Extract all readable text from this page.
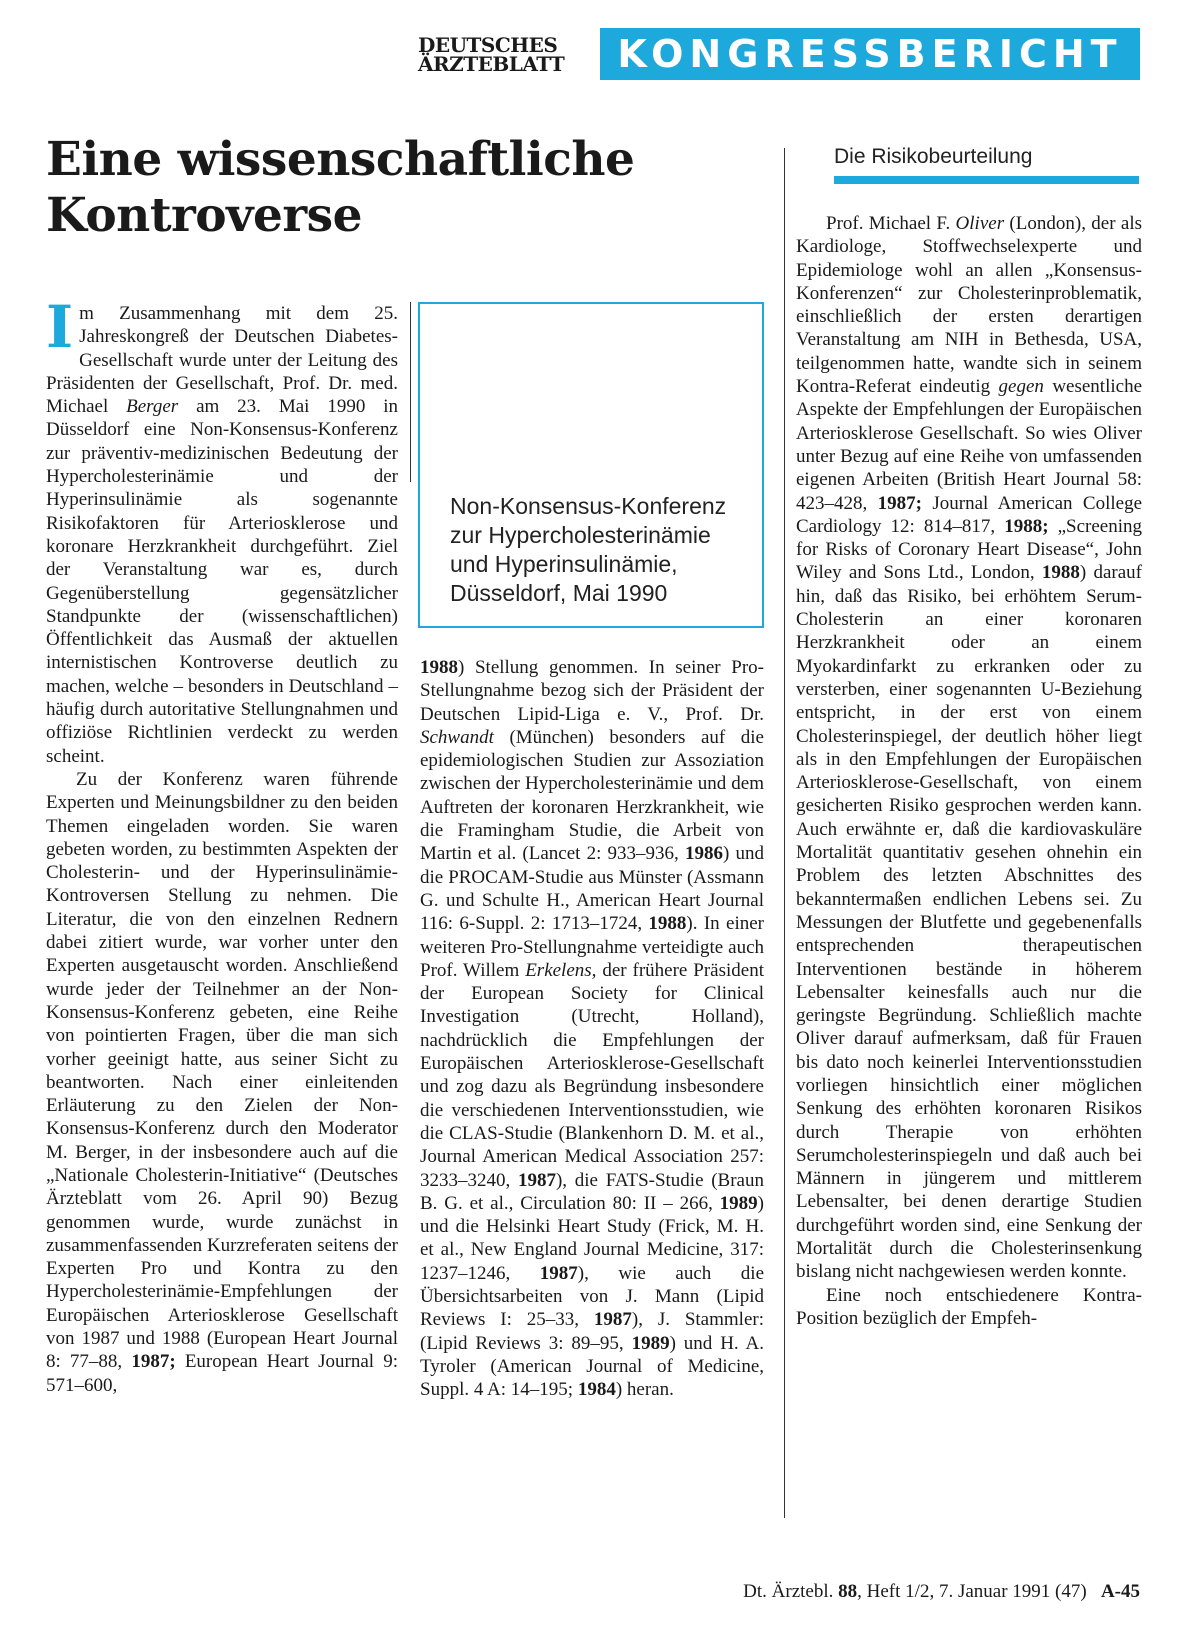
DEUTSCHES
ÄRZTEBLATT	KONGRESSBERICHT
Eine wissenschaftliche
Kontroverse

Im Zusammenhang mit dem 25. Jahreskongreß der Deutschen Diabetes-Gesellschaft wurde unter der Leitung des Präsidenten der Gesellschaft, Prof. Dr. med. Michael Berger am 23. Mai 1990 in Düsseldorf eine Non-Konsensus-Konferenz zur präventiv-medizinischen Bedeutung der Hypercholesterinämie und der Hyperinsulinämie als sogenannte Risikofaktoren für Arteriosklerose und koronare Herzkrankheit durchgeführt. Ziel der Veranstaltung war es, durch Gegenüberstellung gegensätzlicher Standpunkte der (wissenschaftlichen) Öffentlichkeit das Ausmaß der aktuellen internistischen Kontroverse deutlich zu machen, welche – besonders in Deutschland – häufig durch autoritative Stellungnahmen und offiziöse Richtlinien verdeckt zu werden scheint.

Zu der Konferenz waren führende Experten und Meinungsbildner zu den beiden Themen eingeladen worden. Sie waren gebeten worden, zu bestimmten Aspekten der Cholesterin- und der Hyperinsulinämie-Kontroversen Stellung zu nehmen. Die Literatur, die von den einzelnen Rednern dabei zitiert wurde, war vorher unter den Experten ausgetauscht worden. Anschließend wurde jeder der Teilnehmer an der Non-Konsensus-Konferenz gebeten, eine Reihe von pointierten Fragen, über die man sich vorher geeinigt hatte, aus seiner Sicht zu beantworten. Nach einer einleitenden Erläuterung zu den Zielen der Non-Konsensus-Konferenz durch den Moderator M. Berger, in der insbesondere auch auf die „Nationale Cholesterin-Initiative“ (Deutsches Ärzteblatt vom 26. April 90) Bezug genommen wurde, wurde zunächst in zusammenfassenden Kurzreferaten seitens der Experten Pro und Kontra zu den Hypercholesterinämie-Empfehlungen der Europäischen Arteriosklerose Gesellschaft von 1987 und 1988 (European Heart Journal 8: 77–88, 1987; European Heart Journal 9: 571–600,

Non-Konsensus-Konferenz
zur Hypercholesterinämie
und Hyperinsulinämie,
Düsseldorf, Mai 1990

1988) Stellung genommen. In seiner Pro-Stellungnahme bezog sich der Präsident der Deutschen Lipid-Liga e. V., Prof. Dr. Schwandt (München) besonders auf die epidemiologischen Studien zur Assoziation zwischen der Hypercholesterinämie und dem Auftreten der koronaren Herzkrankheit, wie die Framingham Studie, die Arbeit von Martin et al. (Lancet 2: 933–936, 1986) und die PROCAM-Studie aus Münster (Assmann G. und Schulte H., American Heart Journal 116: 6-Suppl. 2: 1713–1724, 1988). In einer weiteren Pro-Stellungnahme verteidigte auch Prof. Willem Erkelens, der frühere Präsident der European Society for Clinical Investigation (Utrecht, Holland), nachdrücklich die Empfehlungen der Europäischen Arteriosklerose-Gesellschaft und zog dazu als Begründung insbesondere die verschiedenen Interventionsstudien, wie die CLAS-Studie (Blankenhorn D. M. et al., Journal American Medical Association 257: 3233–3240, 1987), die FATS-Studie (Braun B. G. et al., Circulation 80: II – 266, 1989) und die Helsinki Heart Study (Frick, M. H. et al., New England Journal Medicine, 317: 1237–1246, 1987), wie auch die Übersichtsarbeiten von J. Mann (Lipid Reviews I: 25–33, 1987), J. Stammler: (Lipid Reviews 3: 89–95, 1989) und H. A. Tyroler (American Journal of Medicine, Suppl. 4 A: 14–195; 1984) heran.

Die Risikobeurteilung

Prof. Michael F. Oliver (London), der als Kardiologe, Stoffwechselexperte und Epidemiologe wohl an allen „Konsensus-Konferenzen“ zur Cholesterinproblematik, einschließlich der ersten derartigen Veranstaltung am NIH in Bethesda, USA, teilgenommen hatte, wandte sich in seinem Kontra-Referat eindeutig gegen wesentliche Aspekte der Empfehlungen der Europäischen Arteriosklerose Gesellschaft. So wies Oliver unter Bezug auf eine Reihe von umfassenden eigenen Arbeiten (British Heart Journal 58: 423–428, 1987; Journal American College Cardiology 12: 814–817, 1988; „Screening for Risks of Coronary Heart Disease“, John Wiley and Sons Ltd., London, 1988) darauf hin, daß das Risiko, bei erhöhtem Serum-Cholesterin an einer koronaren Herzkrankheit oder an einem Myokardinfarkt zu erkranken oder zu versterben, einer sogenannten U-Beziehung entspricht, in der erst von einem Cholesterinspiegel, der deutlich höher liegt als in den Empfehlungen der Europäischen Arteriosklerose-Gesellschaft, von einem gesicherten Risiko gesprochen werden kann. Auch erwähnte er, daß die kardiovaskuläre Mortalität quantitativ gesehen ohnehin ein Problem des letzten Abschnittes des bekanntermaßen endlichen Lebens sei. Zu Messungen der Blutfette und gegebenenfalls entsprechenden therapeutischen Interventionen bestände in höherem Lebensalter keinesfalls auch nur die geringste Begründung. Schließlich machte Oliver darauf aufmerksam, daß für Frauen bis dato noch keinerlei Interventionsstudien vorliegen hinsichtlich einer möglichen Senkung des erhöhten koronaren Risikos durch Therapie von erhöhten Serumcholesterinspiegeln und daß auch bei Männern in jüngerem und mittlerem Lebensalter, bei denen derartige Studien durchgeführt worden sind, eine Senkung der Mortalität durch die Cholesterinsenkung bislang nicht nachgewiesen werden konnte.

Eine noch entschiedenere Kontra-Position bezüglich der Empfeh-

Dt. Ärztebl. 88, Heft 1/2, 7. Januar 1991 (47) A-45
